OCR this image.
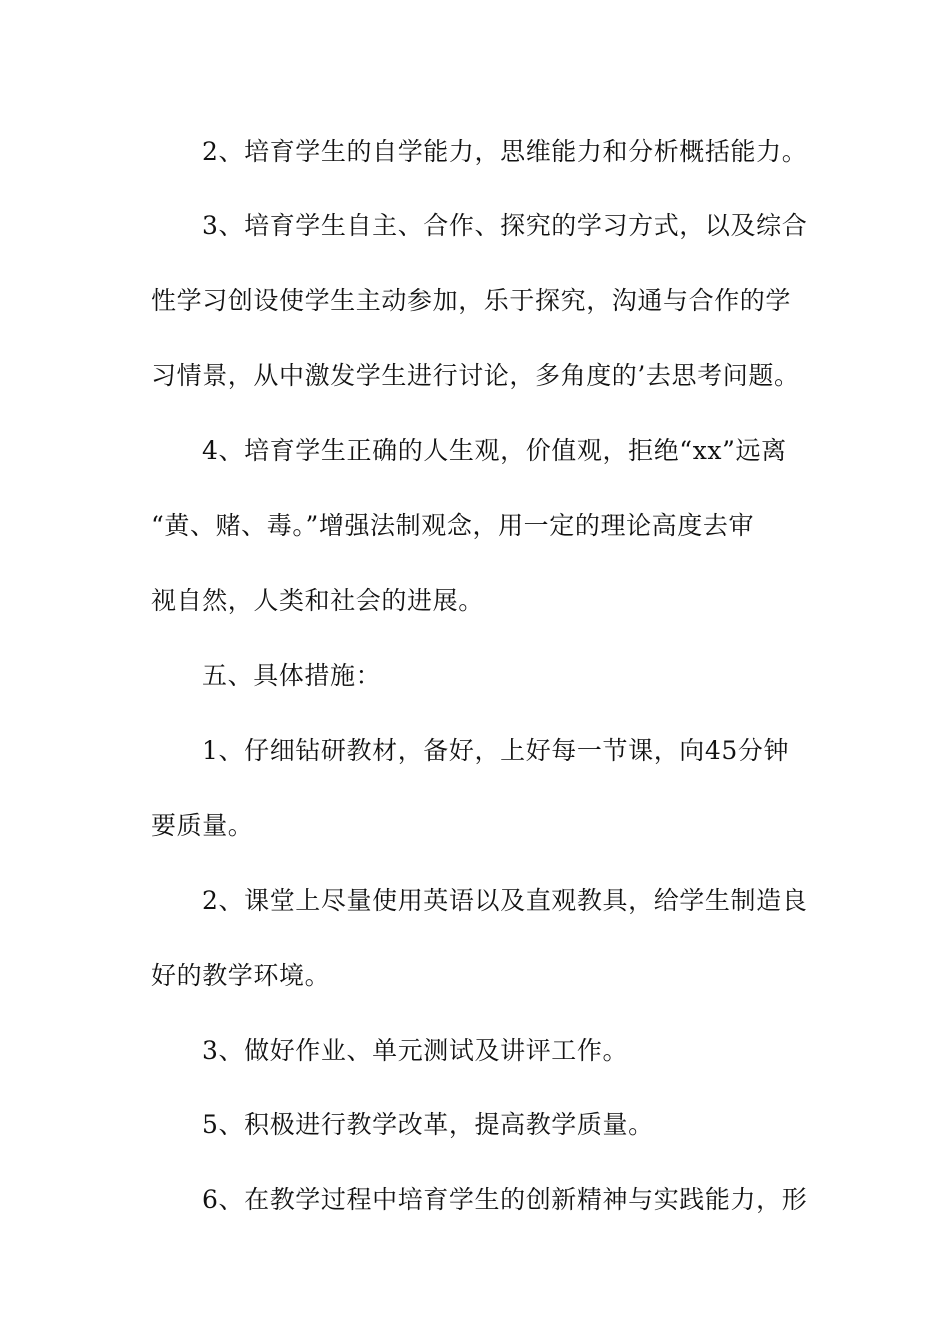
2、培育学生的自学能力，思维能力和分析概括能力。
3、培育学生自主、合作、探究的学习方式，以及综合
性学习创设使学生主动参加，乐于探究，沟通与合作的学
习情景，从中激发学生进行讨论，多角度的’去思考问题。
4、培育学生正确的人生观，价值观，拒绝“xx”远离
“黄、赌、毒。”增强法制观念，用一定的理论高度去审
视自然，人类和社会的进展。
五、具体措施：
1、仔细钻研教材，备好，上好每一节课，向45分钟
要质量。
2、课堂上尽量使用英语以及直观教具，给学生制造良
好的教学环境。
3、做好作业、单元测试及讲评工作。
5、积极进行教学改革，提高教学质量。
6、在教学过程中培育学生的创新精神与实践能力，形
